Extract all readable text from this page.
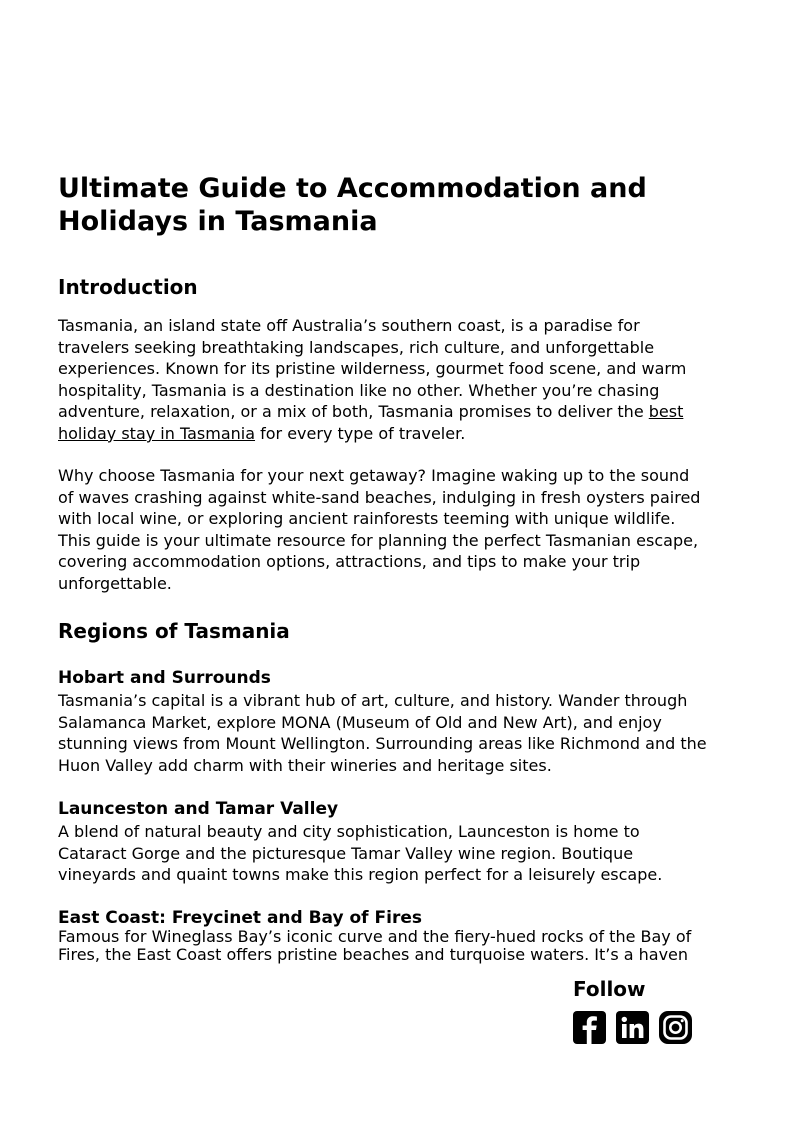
Ultimate Guide to Accommodation and Holidays in Tasmania
Introduction

Tasmania, an island state off Australia’s southern coast, is a paradise for travelers seeking breathtaking landscapes, rich culture, and unforgettable experiences. Known for its pristine wilderness, gourmet food scene, and warm hospitality, Tasmania is a destination like no other. Whether you’re chasing adventure, relaxation, or a mix of both, Tasmania promises to deliver the best holiday stay in Tasmania for every type of traveler.

Why choose Tasmania for your next getaway? Imagine waking up to the sound of waves crashing against white-sand beaches, indulging in fresh oysters paired with local wine, or exploring ancient rainforests teeming with unique wildlife. This guide is your ultimate resource for planning the perfect Tasmanian escape, covering accommodation options, attractions, and tips to make your trip unforgettable.

Regions of Tasmania
Hobart and Surrounds

Tasmania’s capital is a vibrant hub of art, culture, and history. Wander through Salamanca Market, explore MONA (Museum of Old and New Art), and enjoy stunning views from Mount Wellington. Surrounding areas like Richmond and the Huon Valley add charm with their wineries and heritage sites.

Launceston and Tamar Valley

A blend of natural beauty and city sophistication, Launceston is home to Cataract Gorge and the picturesque Tamar Valley wine region. Boutique vineyards and quaint towns make this region perfect for a leisurely escape.

East Coast: Freycinet and Bay of Fires

Famous for Wineglass Bay’s iconic curve and the fiery-hued rocks of the Bay of Fires, the East Coast offers pristine beaches and turquoise waters. It’s a haven

Follow
